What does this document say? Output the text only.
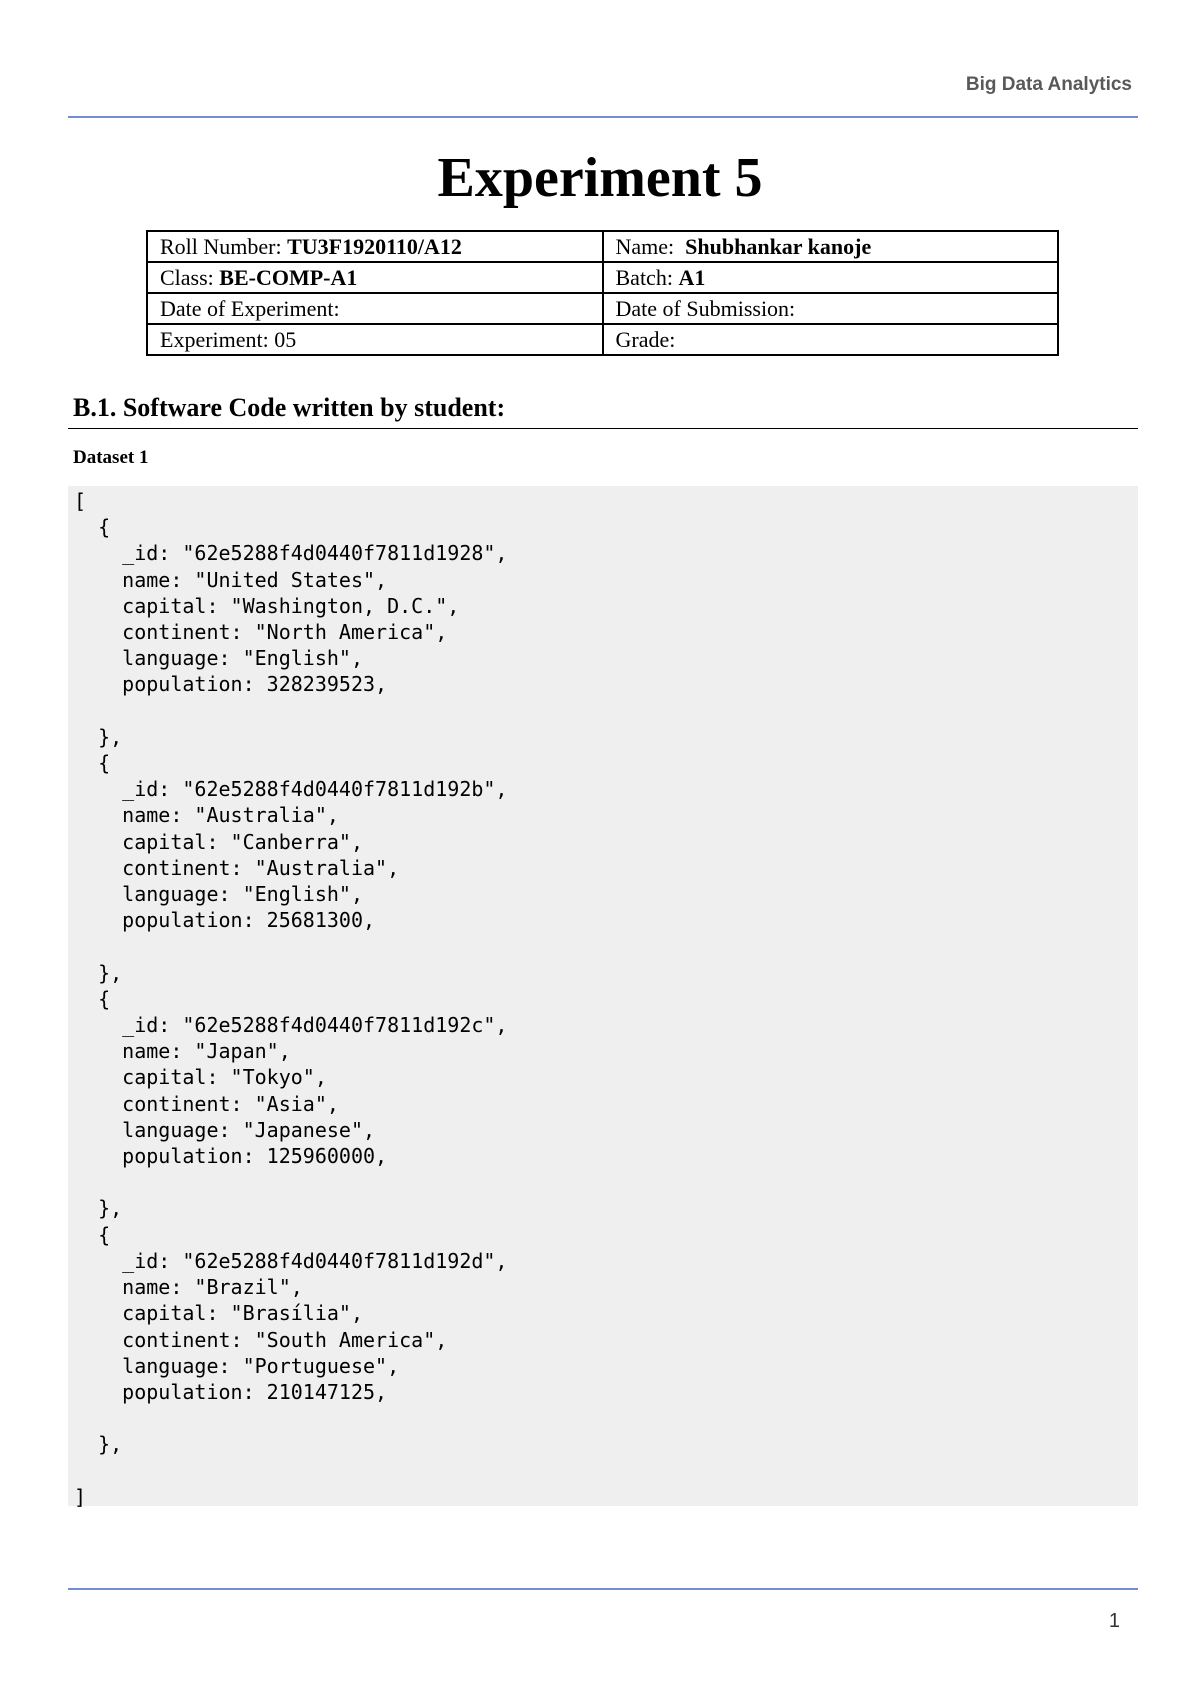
Big Data Analytics
Experiment 5
Roll Number: TU3F1920110/A12	Name:  Shubhankar kanoje
Class: BE-COMP-A1	Batch: A1
Date of Experiment:	Date of Submission:
Experiment: 05	Grade:
B.1. Software Code written by student:
Dataset 1
[
{
_id: "62e5288f4d0440f7811d1928",
name: "United States",
capital: "Washington, D.C.",
continent: "North America",
language: "English",
population: 328239523,

},
{
_id: "62e5288f4d0440f7811d192b",
name: "Australia",
capital: "Canberra",
continent: "Australia",
language: "English",
population: 25681300,

},
{
_id: "62e5288f4d0440f7811d192c",
name: "Japan",
capital: "Tokyo",
continent: "Asia",
language: "Japanese",
population: 125960000,

},
{
_id: "62e5288f4d0440f7811d192d",
name: "Brazil",
capital: "Brasília",
continent: "South America",
language: "Portuguese",
population: 210147125,

},

]
1
